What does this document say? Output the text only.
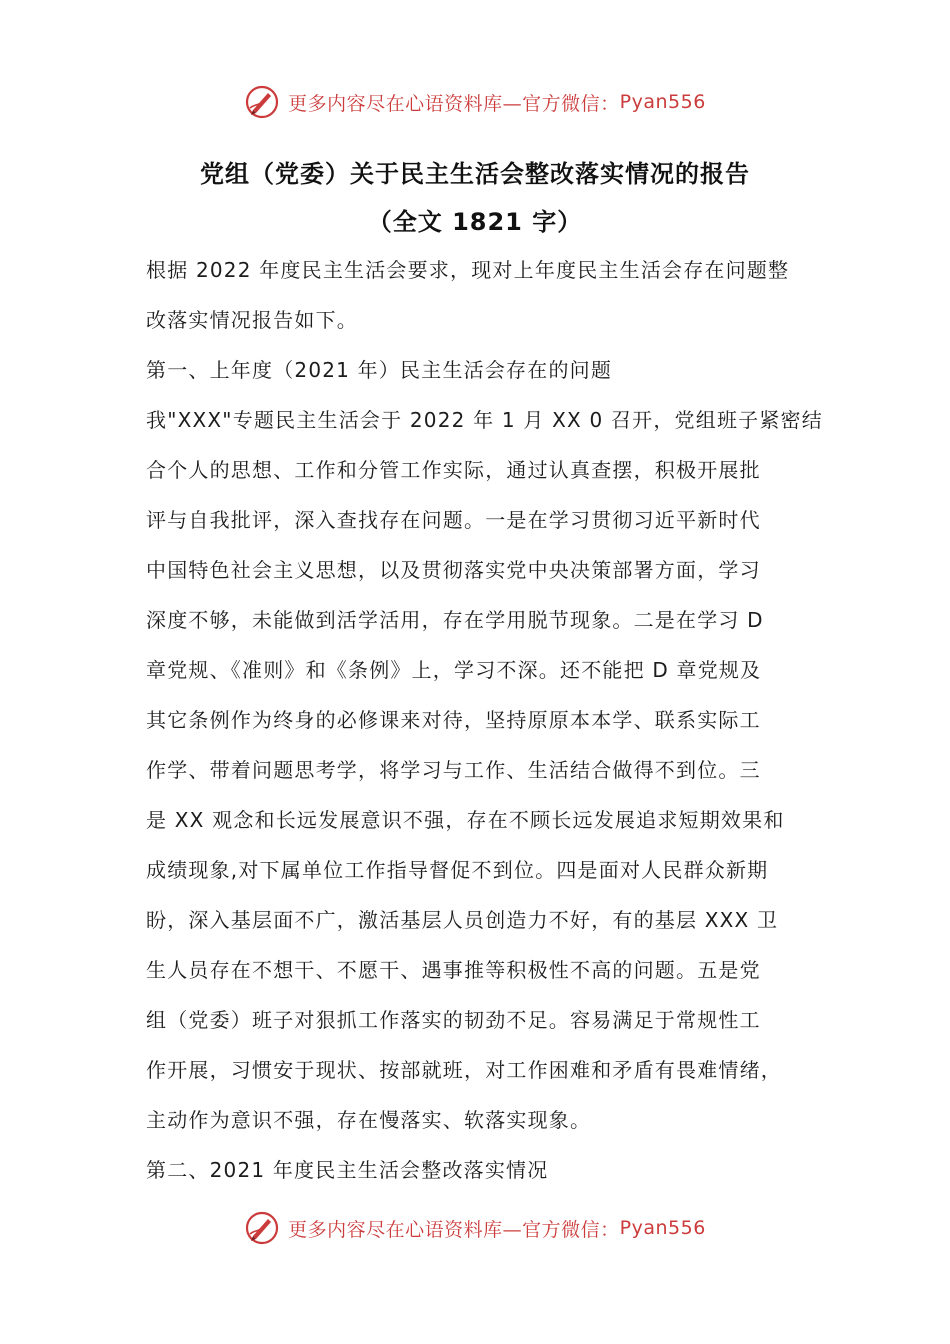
更多内容尽在心语资料库—官方微信： Pyan556
党组（党委）关于民主生活会整改落实情况的报告
（全文 1821 字）
根据 2022 年度民主生活会要求，现对上年度民主生活会存在问题整
改落实情况报告如下。
第一、上年度（2021 年）民主生活会存在的问题
我"XXX"专题民主生活会于 2022 年 1 月 XX 0 召开，党组班子紧密结
合个人的思想、工作和分管工作实际，通过认真查摆，积极开展批
评与自我批评，深入查找存在问题。一是在学习贯彻习近平新时代
中国特色社会主义思想，以及贯彻落实党中央决策部署方面，学习
深度不够，未能做到活学活用，存在学用脱节现象。二是在学习 D
章党规、《准则》和《条例》上，学习不深。还不能把 D 章党规及
其它条例作为终身的必修课来对待，坚持原原本本学、联系实际工
作学、带着问题思考学，将学习与工作、生活结合做得不到位。三
是 XX 观念和长远发展意识不强，存在不顾长远发展追求短期效果和
成绩现象,对下属单位工作指导督促不到位。四是面对人民群众新期
盼，深入基层面不广，激活基层人员创造力不好，有的基层 XXX 卫
生人员存在不想干、不愿干、遇事推等积极性不高的问题。五是党
组（党委）班子对狠抓工作落实的韧劲不足。容易满足于常规性工
作开展，习惯安于现状、按部就班，对工作困难和矛盾有畏难情绪，
主动作为意识不强，存在慢落实、软落实现象。
第二、2021 年度民主生活会整改落实情况
更多内容尽在心语资料库—官方微信： Pyan556
